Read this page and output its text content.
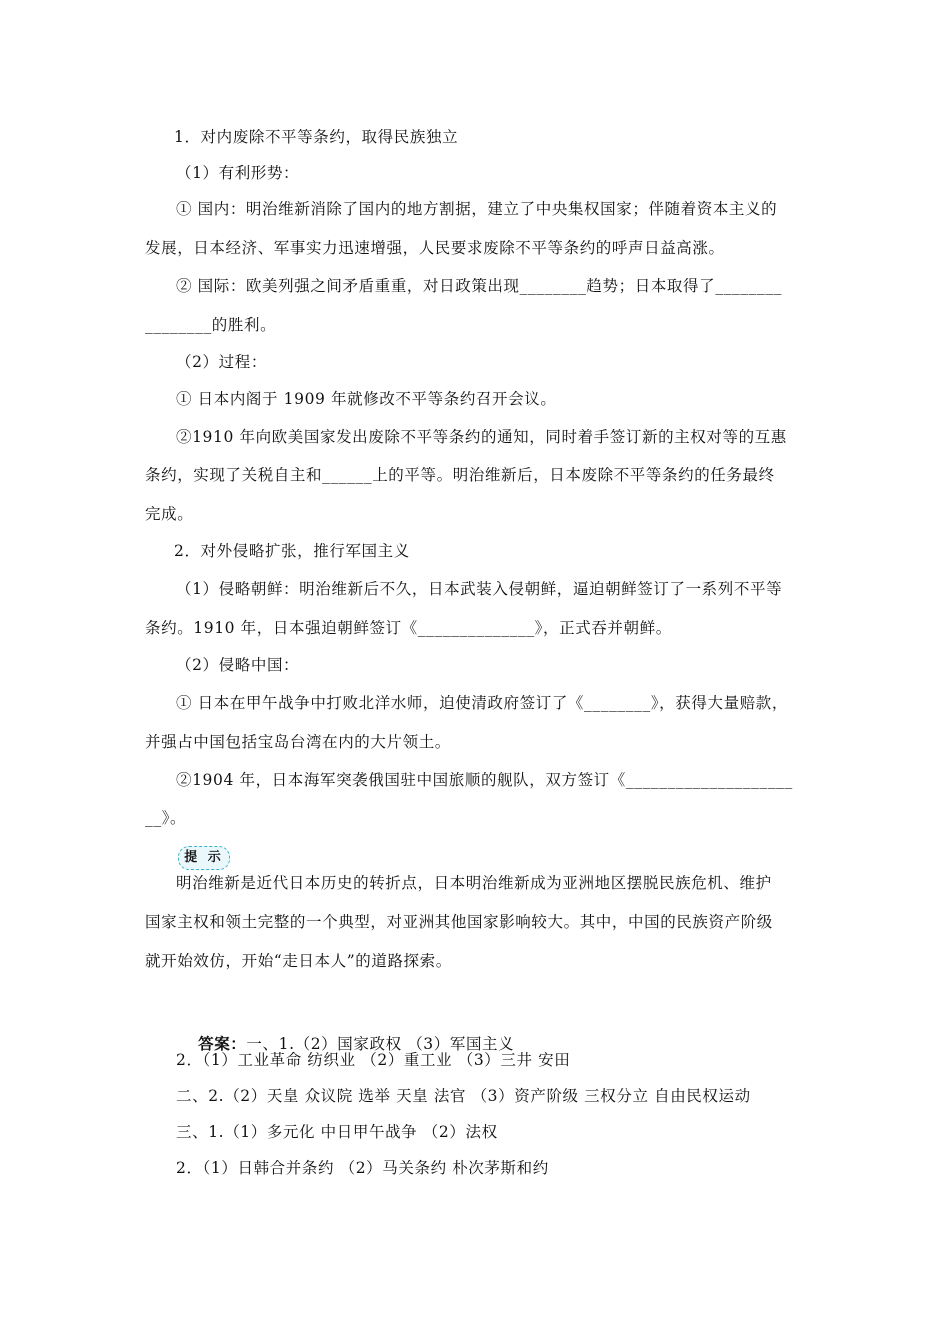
1．对内废除不平等条约，取得民族独立
（1）有利形势：
① 国内：明治维新消除了国内的地方割据，建立了中央集权国家；伴随着资本主义的
发展，日本经济、军事实力迅速增强，人民要求废除不平等条约的呼声日益高涨。
② 国际：欧美列强之间矛盾重重，对日政策出现________趋势；日本取得了________
________的胜利。
（2）过程：
① 日本内阁于 1909 年就修改不平等条约召开会议。
②1910 年向欧美国家发出废除不平等条约的通知，同时着手签订新的主权对等的互惠
条约，实现了关税自主和______上的平等。明治维新后，日本废除不平等条约的任务最终
完成。
2．对外侵略扩张，推行军国主义
（1）侵略朝鲜：明治维新后不久，日本武装入侵朝鲜，逼迫朝鲜签订了一系列不平等
条约。1910 年，日本强迫朝鲜签订《______________》，正式吞并朝鲜。
（2）侵略中国：
① 日本在甲午战争中打败北洋水师，迫使清政府签订了《________》，获得大量赔款，
并强占中国包括宝岛台湾在内的大片领土。
②1904 年，日本海军突袭俄国驻中国旅顺的舰队，双方签订《____________________
__》。
提 示
明治维新是近代日本历史的转折点，日本明治维新成为亚洲地区摆脱民族危机、维护
国家主权和领土完整的一个典型，对亚洲其他国家影响较大。其中，中国的民族资产阶级
就开始效仿，开始“走日本人”的道路探索。

答案：一、1.（2）国家政权 （3）军国主义

2．（1）工业革命 纺织业 （2）重工业 （3）三井 安田
二、2.（2）天皇 众议院 选举 天皇 法官 （3）资产阶级 三权分立 自由民权运动
三、1.（1）多元化 中日甲午战争 （2）法权
2．（1）日韩合并条约 （2）马关条约 朴次茅斯和约
